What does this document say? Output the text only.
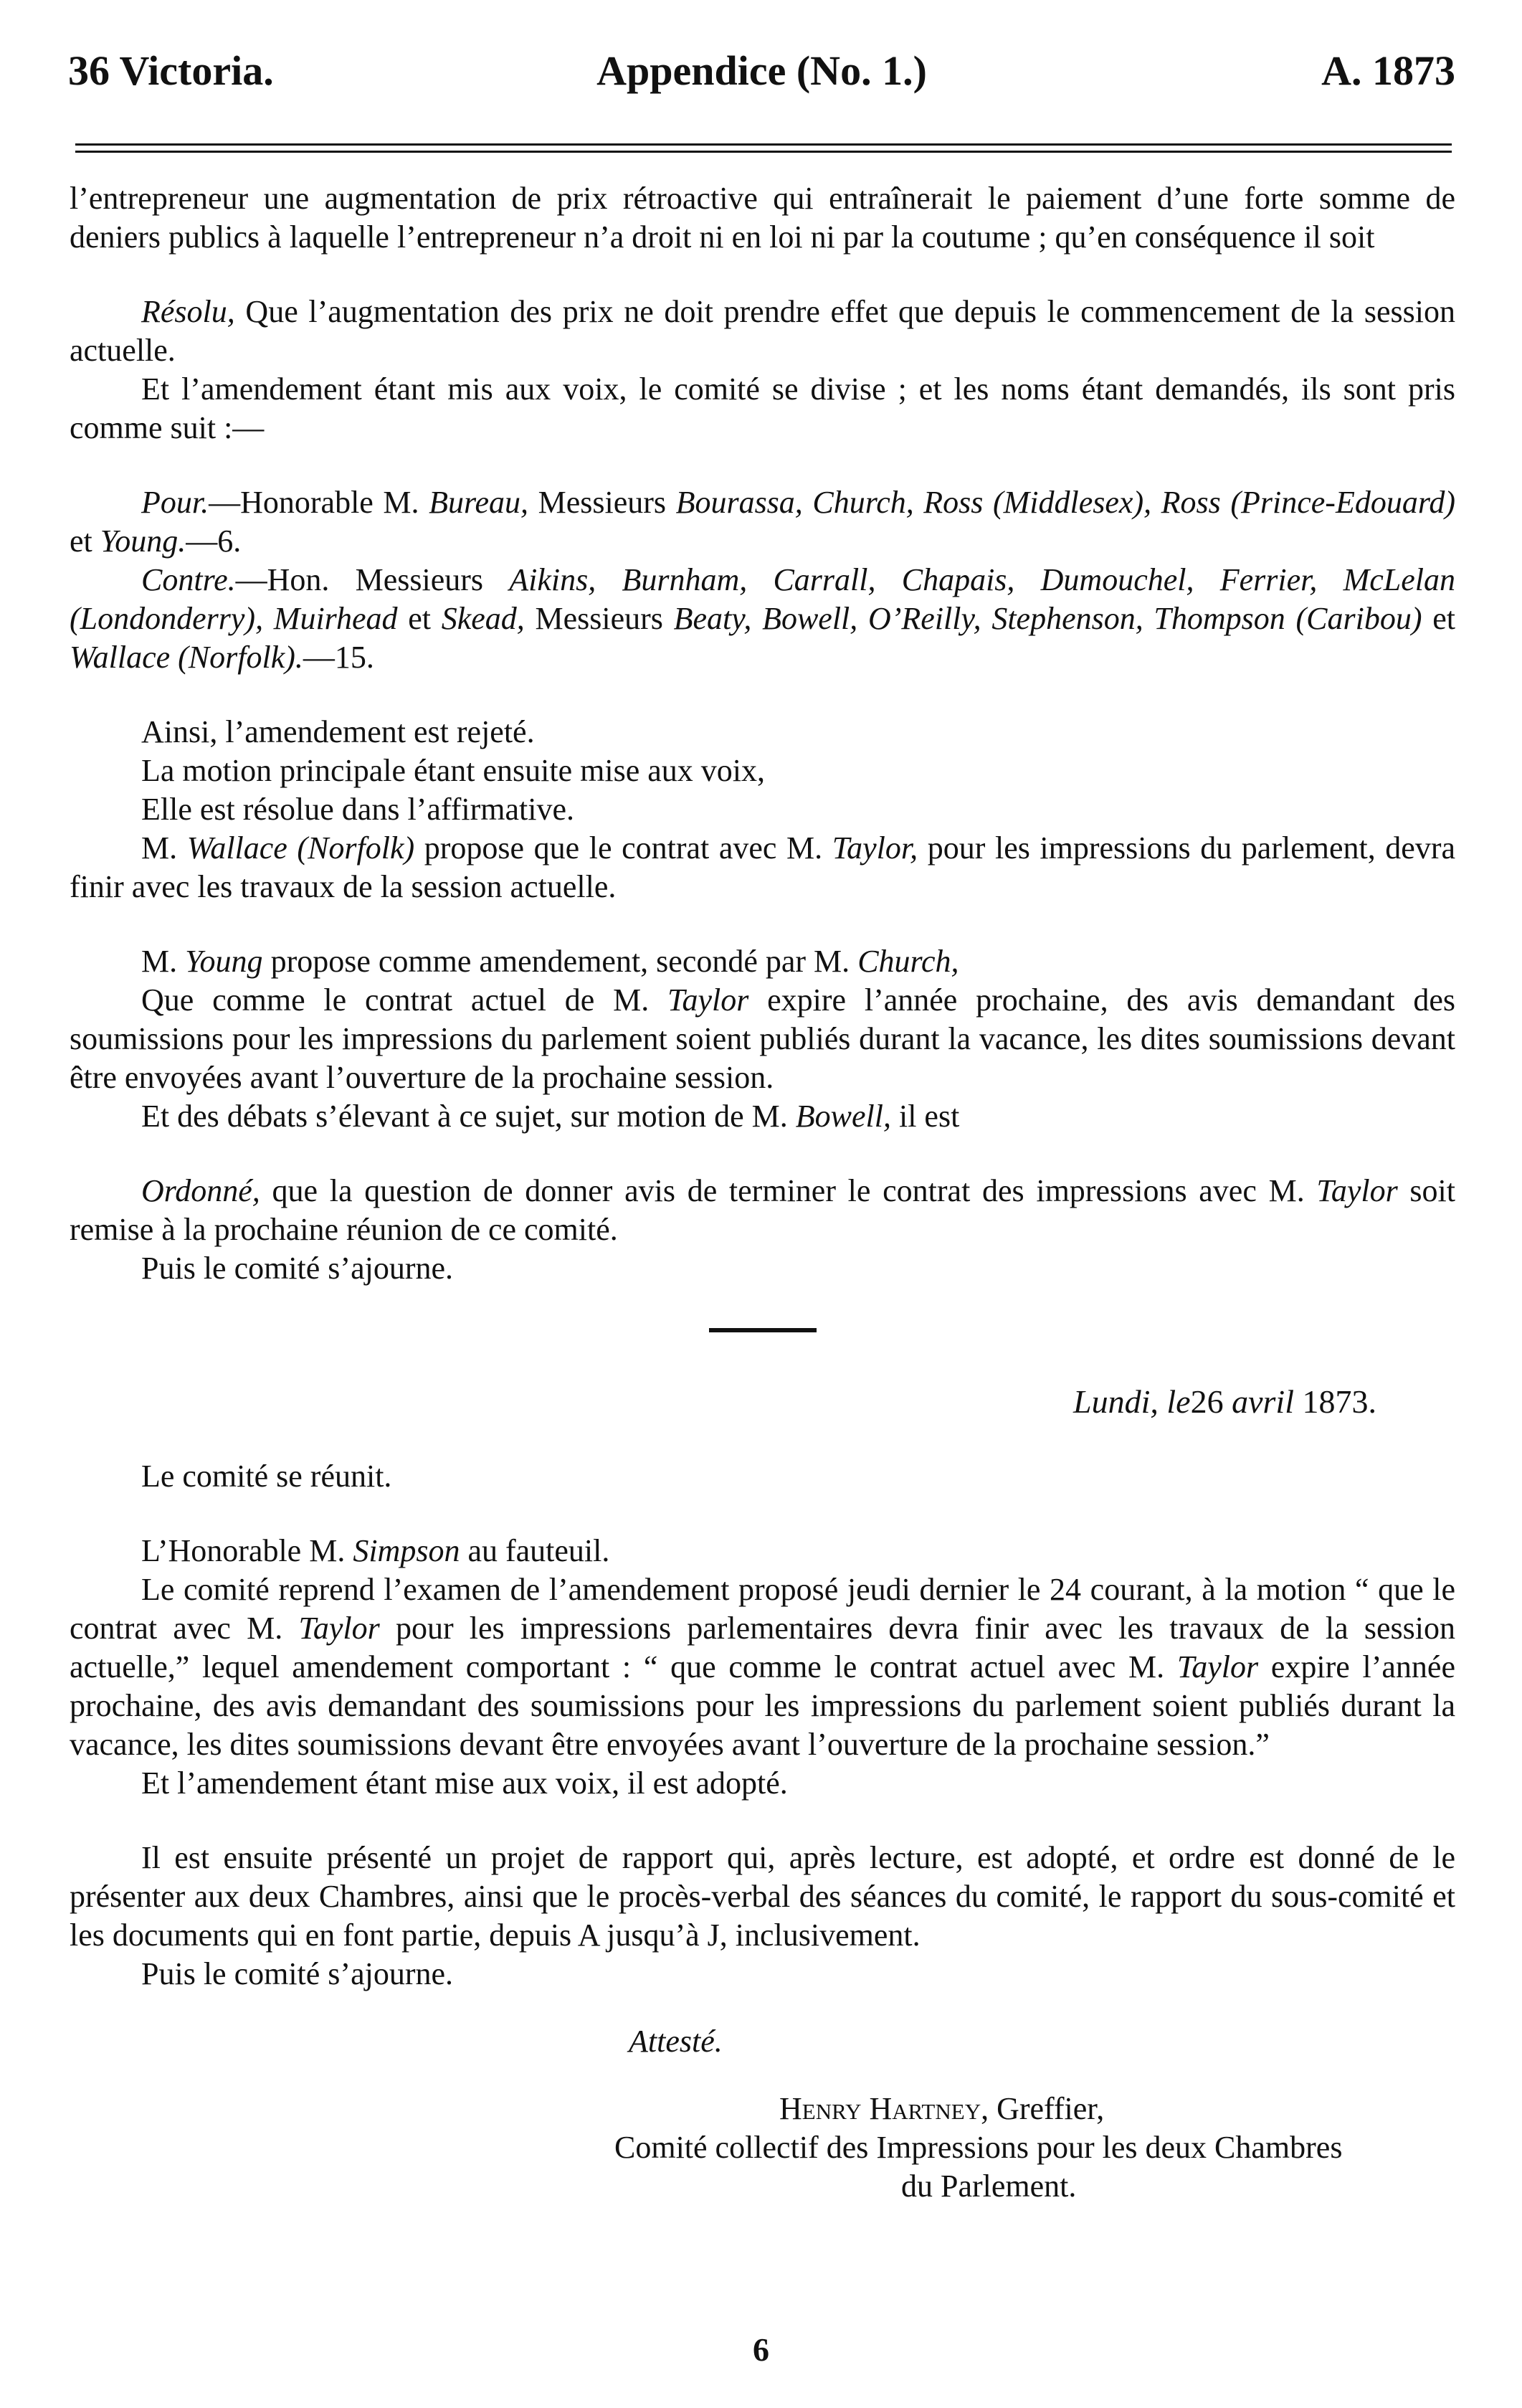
36 Victoria.	Appendice (No. 1.)	A. 1873

l’entrepreneur une augmentation de prix rétroactive qui entraînerait le paiement d’une forte somme de deniers publics à laquelle l’entrepreneur n’a droit ni en loi ni par la coutume ; qu’en conséquence il soit

Résolu, Que l’augmentation des prix ne doit prendre effet que depuis le commencement de la session actuelle.

Et l’amendement étant mis aux voix, le comité se divise ; et les noms étant demandés, ils sont pris comme suit :—

Pour.—Honorable M. Bureau, Messieurs Bourassa, Church, Ross (Middlesex), Ross (Prince-Edouard) et Young.—6.

Contre.—Hon. Messieurs Aikins, Burnham, Carrall, Chapais, Dumouchel, Ferrier, McLelan (Londonderry), Muirhead et Skead, Messieurs Beaty, Bowell, O’Reilly, Stephenson, Thompson (Caribou) et Wallace (Norfolk).—15.

Ainsi, l’amendement est rejeté.

La motion principale étant ensuite mise aux voix,

Elle est résolue dans l’affirmative.

M. Wallace (Norfolk) propose que le contrat avec M. Taylor, pour les impressions du parlement, devra finir avec les travaux de la session actuelle.

M. Young propose comme amendement, secondé par M. Church,

Que comme le contrat actuel de M. Taylor expire l’année prochaine, des avis demandant des soumissions pour les impressions du parlement soient publiés durant la vacance, les dites soumissions devant être envoyées avant l’ouverture de la prochaine session.

Et des débats s’élevant à ce sujet, sur motion de M. Bowell, il est

Ordonné, que la question de donner avis de terminer le contrat des impressions avec M. Taylor soit remise à la prochaine réunion de ce comité.

Puis le comité s’ajourne.

Lundi, le26 avril 1873.

Le comité se réunit.

L’Honorable M. Simpson au fauteuil.

Le comité reprend l’examen de l’amendement proposé jeudi dernier le 24 courant, à la motion “ que le contrat avec M. Taylor pour les impressions parlementaires devra finir avec les travaux de la session actuelle,” lequel amendement comportant : “ que comme le contrat actuel avec M. Taylor expire l’année prochaine, des avis demandant des soumissions pour les impressions du parlement soient publiés durant la vacance, les dites soumissions devant être envoyées avant l’ouverture de la prochaine session.”

Et l’amendement étant mise aux voix, il est adopté.

Il est ensuite présenté un projet de rapport qui, après lecture, est adopté, et ordre est donné de le présenter aux deux Chambres, ainsi que le procès-verbal des séances du comité, le rapport du sous-comité et les documents qui en font partie, depuis A jusqu’à J, inclusivement.

Puis le comité s’ajourne.

Attesté.

Henry Hartney, Greffier,
Comité collectif des Impressions pour les deux Chambres
du Parlement.
6
